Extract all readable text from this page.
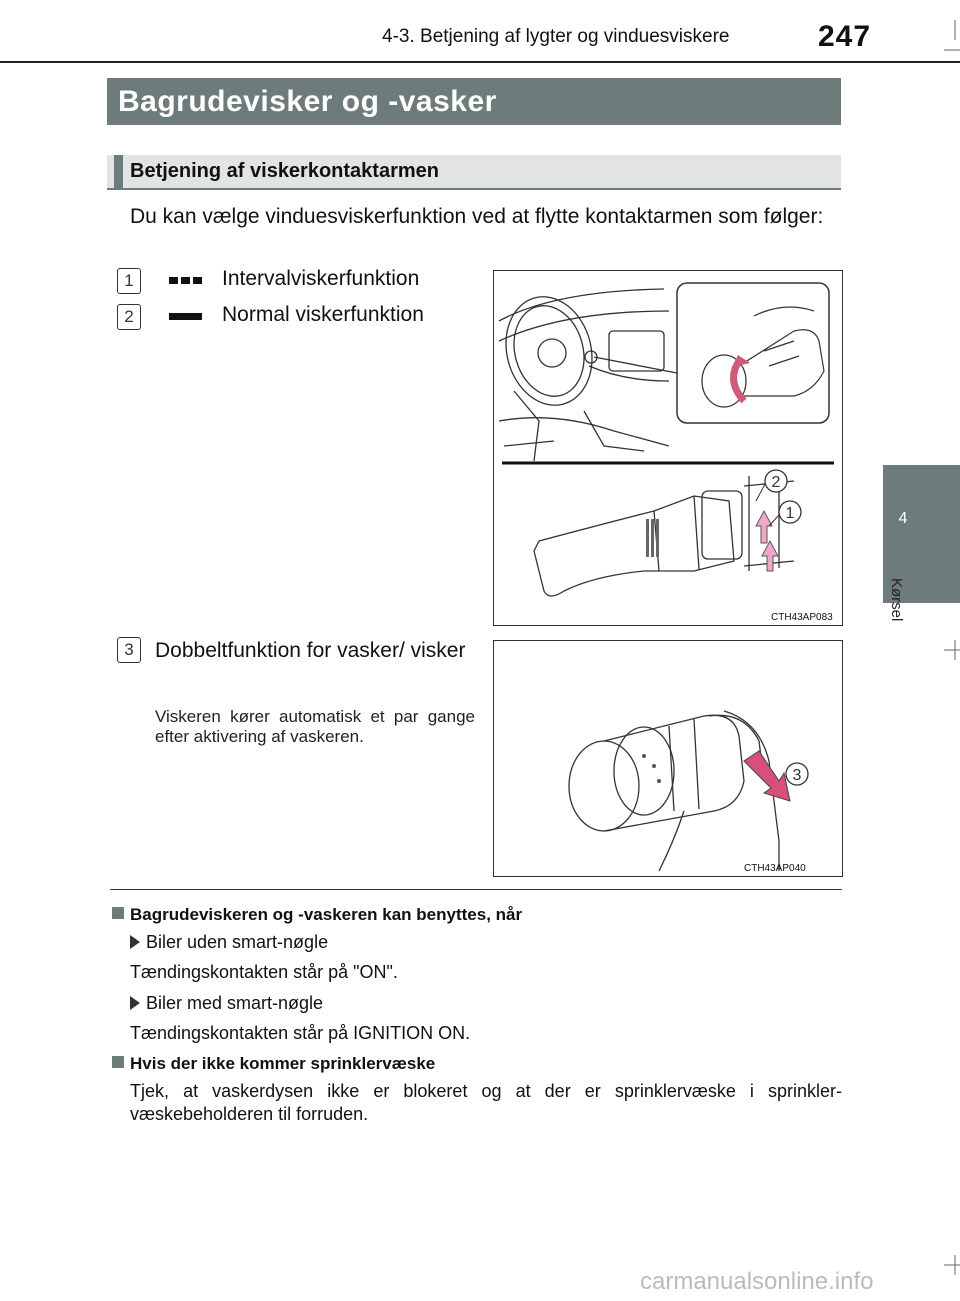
4-3. Betjening af lygter og vinduesviskere	247
Bagrudevisker og -vasker
Betjening af viskerkontaktarmen
Du kan vælge vinduesviskerfunktion ved at flytte kontaktarmen som følger:
1	Intervalviskerfunktion
2	Normal viskerfunktion
2
1
CTH43AP083
3	Dobbeltfunktion for vasker/ visker
Viskeren kører automatisk et par gange efter aktivering af vaskeren.
3
CTH43AP040
Bagrudeviskeren og -vaskeren kan benyttes, når
Biler uden smart-nøgle
Tændingskontakten står på "ON".
Biler med smart-nøgle
Tændingskontakten står på IGNITION ON.
Hvis der ikke kommer sprinklervæske
Tjek, at vaskerdysen ikke er blokeret og at der er sprinklervæske i sprinkler-væskebeholderen til forruden.
4
Kørsel
carmanualsonline.info
